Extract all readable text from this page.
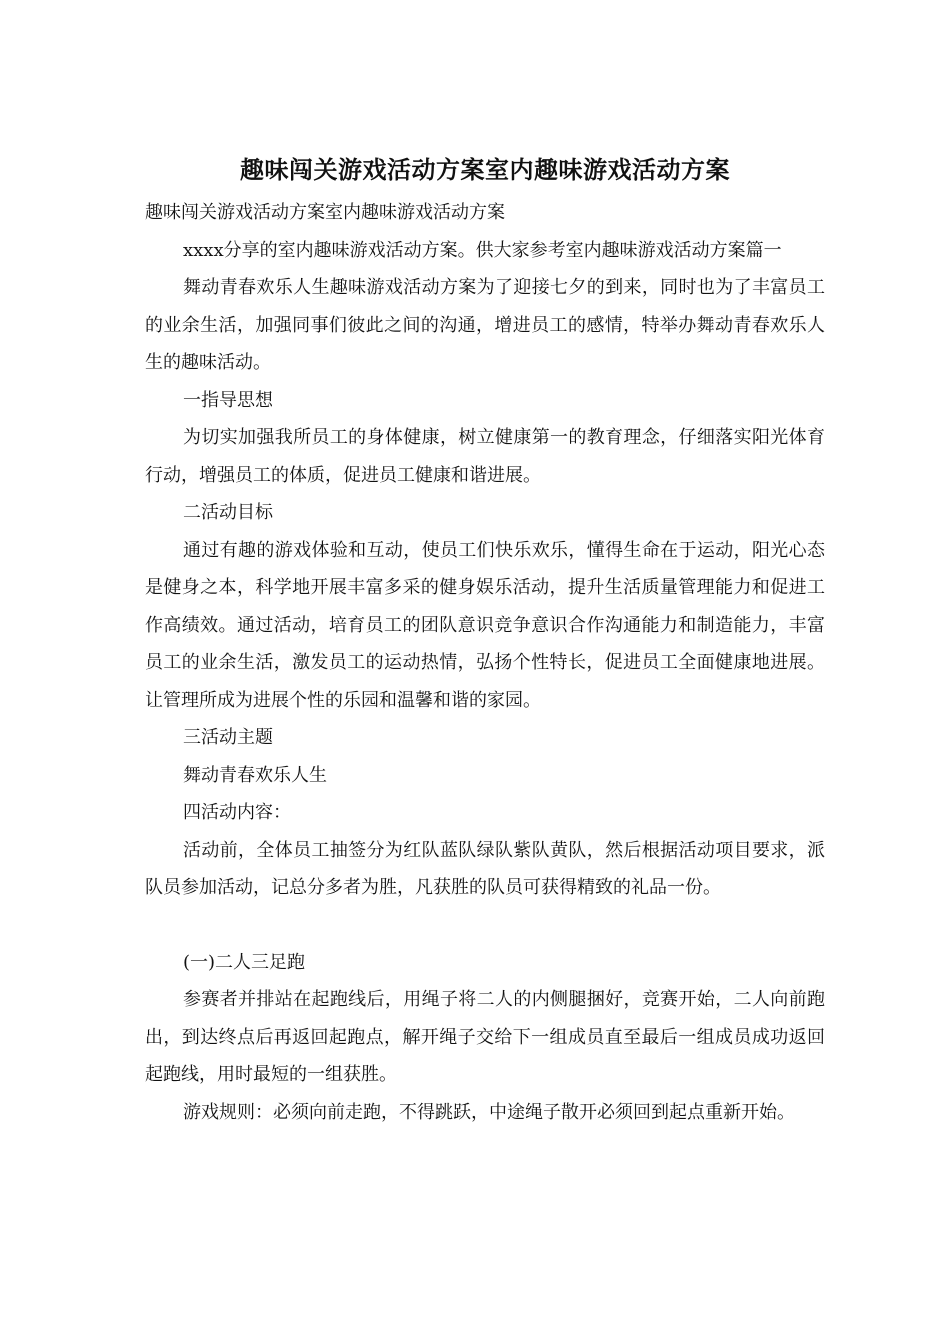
趣味闯关游戏活动方案室内趣味游戏活动方案

趣味闯关游戏活动方案室内趣味游戏活动方案

xxxx分享的室内趣味游戏活动方案。供大家参考室内趣味游戏活动方案篇一

舞动青春欢乐人生趣味游戏活动方案为了迎接七夕的到来，同时也为了丰富员工的业余生活，加强同事们彼此之间的沟通，增进员工的感情，特举办舞动青春欢乐人生的趣味活动。

一指导思想

为切实加强我所员工的身体健康，树立健康第一的教育理念，仔细落实阳光体育行动，增强员工的体质，促进员工健康和谐进展。

二活动目标

通过有趣的游戏体验和互动，使员工们快乐欢乐，懂得生命在于运动，阳光心态是健身之本，科学地开展丰富多采的健身娱乐活动，提升生活质量管理能力和促进工作高绩效。通过活动，培育员工的团队意识竞争意识合作沟通能力和制造能力，丰富员工的业余生活，激发员工的运动热情，弘扬个性特长，促进员工全面健康地进展。让管理所成为进展个性的乐园和温馨和谐的家园。

三活动主题

舞动青春欢乐人生

四活动内容：

活动前，全体员工抽签分为红队蓝队绿队紫队黄队，然后根据活动项目要求，派队员参加活动，记总分多者为胜，凡获胜的队员可获得精致的礼品一份。

(一)二人三足跑

参赛者并排站在起跑线后，用绳子将二人的内侧腿捆好，竞赛开始，二人向前跑出，到达终点后再返回起跑点，解开绳子交给下一组成员直至最后一组成员成功返回起跑线，用时最短的一组获胜。

游戏规则：必须向前走跑，不得跳跃，中途绳子散开必须回到起点重新开始。
